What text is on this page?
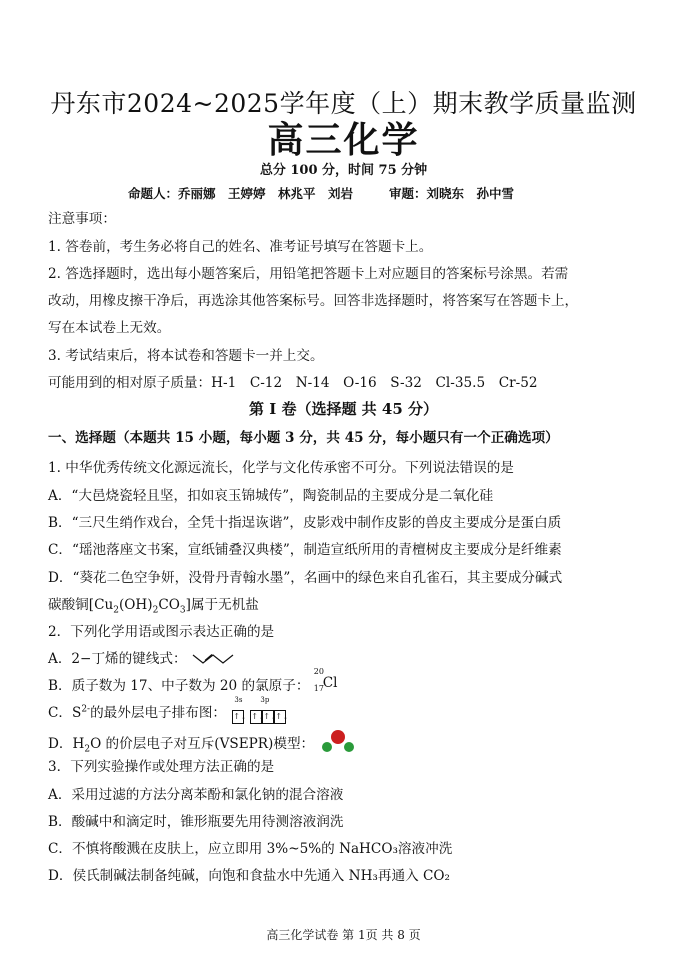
丹东市2024~2025学年度（上）期末教学质量监测
高三化学
总分 100 分，时间 75 分钟
命题人：乔丽娜　王婷婷　林兆平　刘岩	审题：刘晓东　孙中雪
注意事项：
1. 答卷前，考生务必将自己的姓名、准考证号填写在答题卡上。
2. 答选择题时，选出每小题答案后，用铅笔把答题卡上对应题目的答案标号涂黑。若需
改动，用橡皮擦干净后，再选涂其他答案标号。回答非选择题时，将答案写在答题卡上，
写在本试卷上无效。
3. 考试结束后，将本试卷和答题卡一并上交。
可能用到的相对原子质量：H-1　C-12　N-14　O-16　S-32　Cl-35.5　Cr-52
第 Ⅰ 卷（选择题 共 45 分）
一、选择题（本题共 15 小题，每小题 3 分，共 45 分，每小题只有一个正确选项）
1. 中华优秀传统文化源远流长，化学与文化传承密不可分。下列说法错误的是
A．“大邑烧瓷轻且坚，扣如哀玉锦城传”，陶瓷制品的主要成分是二氧化硅
B．“三尺生绡作戏台，全凭十指逞诙谐”，皮影戏中制作皮影的兽皮主要成分是蛋白质
C．“瑶池落座文书案，宣纸铺叠汉典楼”，制造宣纸所用的青檀树皮主要成分是纤维素
D．“葵花二色空争妍，没骨丹青翰水墨”，名画中的绿色来自孔雀石，其主要成分碱式
碳酸铜$[Cu_2(OH)_2CO_3]$属于无机盐
2．下列化学用语或图示表达正确的是
A．2−丁烯的键线式：
B．质子数为 17、中子数为 20 的氯原子：
20
17
Cl
C．$S^{2-}$的最外层电子排布图：
3s	3p
↑↓ ↑↓↑↓↑↓
D．$H_2O$ 的价层电子对互斥(VSEPR)模型：
3．下列实验操作或处理方法正确的是
A．采用过滤的方法分离苯酚和氯化钠的混合溶液
B．酸碱中和滴定时，锥形瓶要先用待测溶液润洗
C．不慎将酸溅在皮肤上，应立即用 3%~5%的 NaHCO₃溶液冲洗
D．侯氏制碱法制备纯碱，向饱和食盐水中先通入 NH₃再通入 CO₂
高三化学试卷 第 1页 共 8 页
